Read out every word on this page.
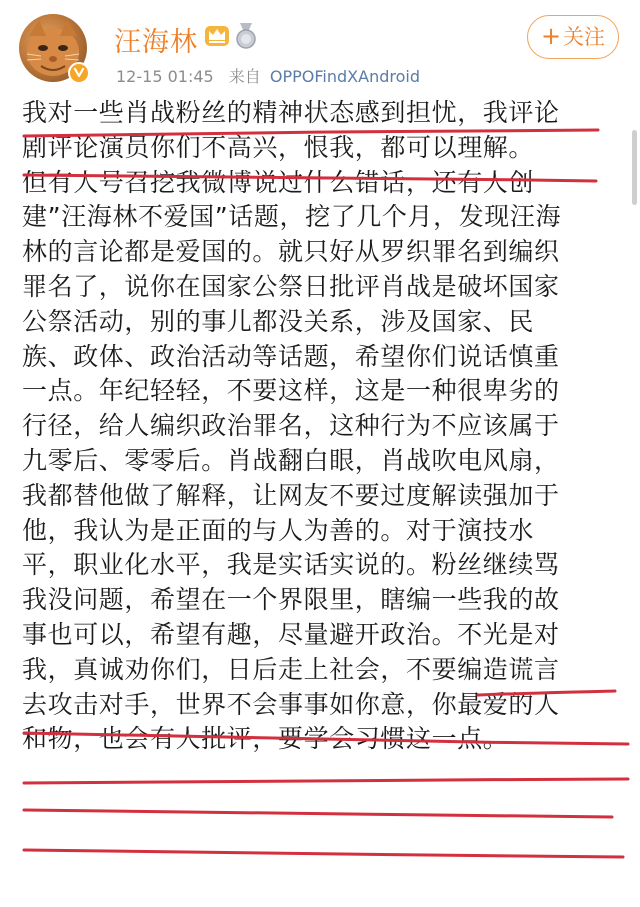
汪海林
12-15 01:45 来自 OPPOFindXAndroid
+关注
我对一些肖战粉丝的精神状态感到担忧，我评论
剧评论演员你们不高兴，恨我，都可以理解。
但有人号召挖我微博说过什么错话，还有人创
建”汪海林不爱国”话题，挖了几个月，发现汪海
林的言论都是爱国的。就只好从罗织罪名到编织
罪名了，说你在国家公祭日批评肖战是破坏国家
公祭活动，别的事儿都没关系，涉及国家、民
族、政体、政治活动等话题，希望你们说话慎重
一点。年纪轻轻，不要这样，这是一种很卑劣的
行径，给人编织政治罪名，这种行为不应该属于
九零后、零零后。肖战翻白眼，肖战吹电风扇，
我都替他做了解释，让网友不要过度解读强加于
他，我认为是正面的与人为善的。对于演技水
平，职业化水平，我是实话实说的。粉丝继续骂
我没问题，希望在一个界限里，瞎编一些我的故
事也可以，希望有趣，尽量避开政治。不光是对
我，真诚劝你们，日后走上社会，不要编造谎言
去攻击对手，世界不会事事如你意，你最爱的人
和物，也会有人批评，要学会习惯这一点。
